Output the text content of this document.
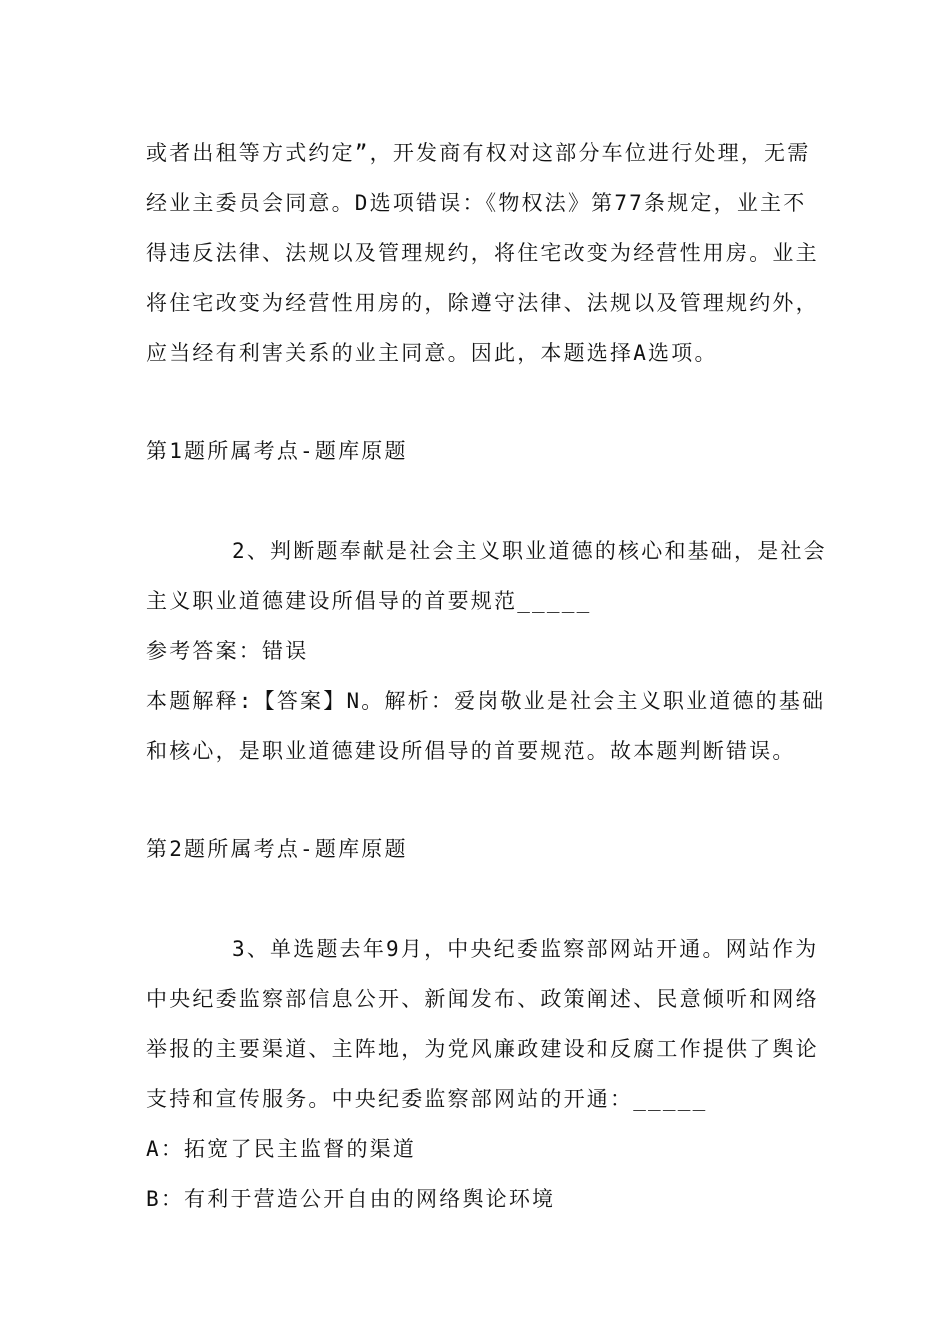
或者出租等方式约定”，开发商有权对这部分车位进行处理，无需
经业主委员会同意。D选项错误：《物权法》第77条规定，业主不
得违反法律、法规以及管理规约，将住宅改变为经营性用房。业主
将住宅改变为经营性用房的，除遵守法律、法规以及管理规约外，
应当经有利害关系的业主同意。因此，本题选择A选项。
第1题所属考点-题库原题
2、判断题奉献是社会主义职业道德的核心和基础，是社会
主义职业道德建设所倡导的首要规范_____
参考答案：错误
本题解释:【答案】N。解析：爱岗敬业是社会主义职业道德的基础
和核心，是职业道德建设所倡导的首要规范。故本题判断错误。
第2题所属考点-题库原题
3、单选题去年9月，中央纪委监察部网站开通。网站作为
中央纪委监察部信息公开、新闻发布、政策阐述、民意倾听和网络
举报的主要渠道、主阵地，为党风廉政建设和反腐工作提供了舆论
支持和宣传服务。中央纪委监察部网站的开通：_____
A：拓宽了民主监督的渠道
B：有利于营造公开自由的网络舆论环境
